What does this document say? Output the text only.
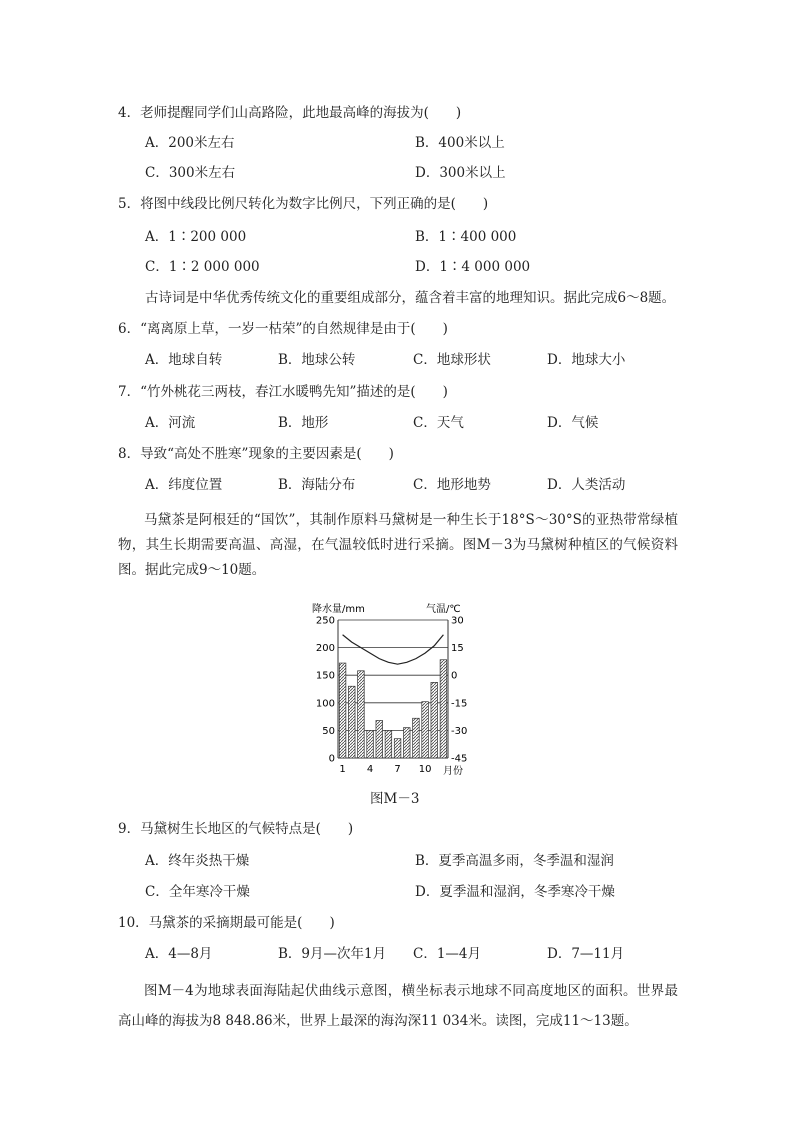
4．老师提醒同学们山高路险，此地最高峰的海拔为(　　)
A．200米左右	B．400米以上
C．300米左右	D．300米以上
5．将图中线段比例尺转化为数字比例尺，下列正确的是(　　)
A．1∶200 000	B．1∶400 000
C．1∶2 000 000	D．1∶4 000 000
古诗词是中华优秀传统文化的重要组成部分，蕴含着丰富的地理知识。据此完成6～8题。
6．“离离原上草，一岁一枯荣”的自然规律是由于(　　)
A．地球自转	B．地球公转	C．地球形状	D．地球大小
7．“竹外桃花三两枝，春江水暖鸭先知”描述的是(　　)
A．河流	B．地形	C．天气	D．气候
8．导致“高处不胜寒”现象的主要因素是(　　)
A．纬度位置	B．海陆分布	C．地形地势	D．人类活动
马黛茶是阿根廷的“国饮”，其制作原料马黛树是一种生长于18°S～30°S的亚热带常绿植物，其生长期需要高温、高湿，在气温较低时进行采摘。图M－3为马黛树种植区的气候资料图。据此完成9～10题。
降水量/mm	气温/℃
0
50
100
150
200
250	30
15
0
-15
-30
-45
1 4 7 10 月份
图M－3
9．马黛树生长地区的气候特点是(　　)
A．终年炎热干燥	B．夏季高温多雨，冬季温和湿润
C．全年寒冷干燥	D．夏季温和湿润，冬季寒冷干燥
10．马黛茶的采摘期最可能是(　　)
A．4—8月	B．9月—次年1月 C．1—4月	D．7—11月
图M－4为地球表面海陆起伏曲线示意图，横坐标表示地球不同高度地区的面积。世界最高山峰的海拔为8 848.86米，世界上最深的海沟深11 034米。读图，完成11～13题。
